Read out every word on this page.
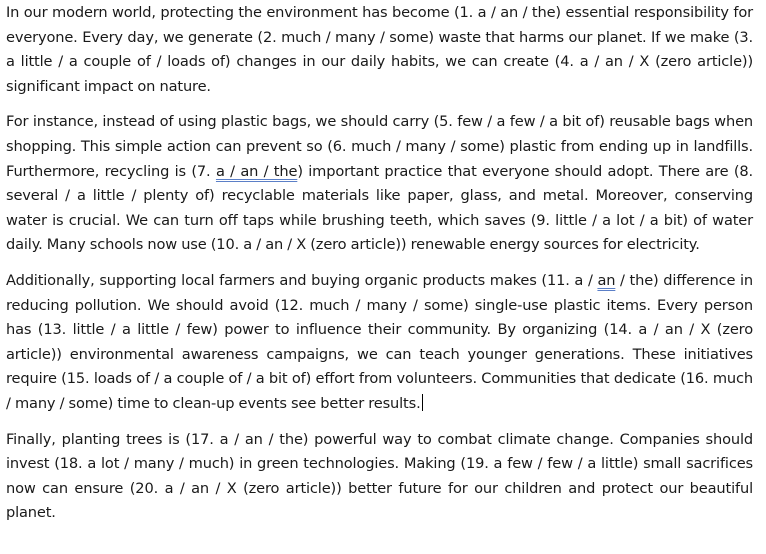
In our modern world, protecting the environment has become (1. a / an / the) essential responsibility for everyone. Every day, we generate (2. much / many / some) waste that harms our planet. If we make (3. a little / a couple of / loads of) changes in our daily habits, we can create (4. a / an / X (zero article)) significant impact on nature.

For instance, instead of using plastic bags, we should carry (5. few / a few / a bit of) reusable bags when shopping. This simple action can prevent so (6. much / many / some) plastic from ending up in landfills. Furthermore, recycling is (7. a / an / the) important practice that everyone should adopt. There are (8. several / a little / plenty of) recyclable materials like paper, glass, and metal. Moreover, conserving water is crucial. We can turn off taps while brushing teeth, which saves (9. little / a lot / a bit) of water daily. Many schools now use (10. a / an / X (zero article)) renewable energy sources for electricity.

Additionally, supporting local farmers and buying organic products makes (11. a / an / the) difference in reducing pollution. We should avoid (12. much / many / some) single-use plastic items. Every person has (13. little / a little / few) power to influence their community. By organizing (14. a / an / X (zero article)) environmental awareness campaigns, we can teach younger generations. These initiatives require (15. loads of / a couple of / a bit of) effort from volunteers. Communities that dedicate (16. much / many / some) time to clean-up events see better results.

Finally, planting trees is (17. a / an / the) powerful way to combat climate change. Companies should invest (18. a lot / many / much) in green technologies. Making (19. a few / few / a little) small sacrifices now can ensure (20. a / an / X (zero article)) better future for our children and protect our beautiful planet.
